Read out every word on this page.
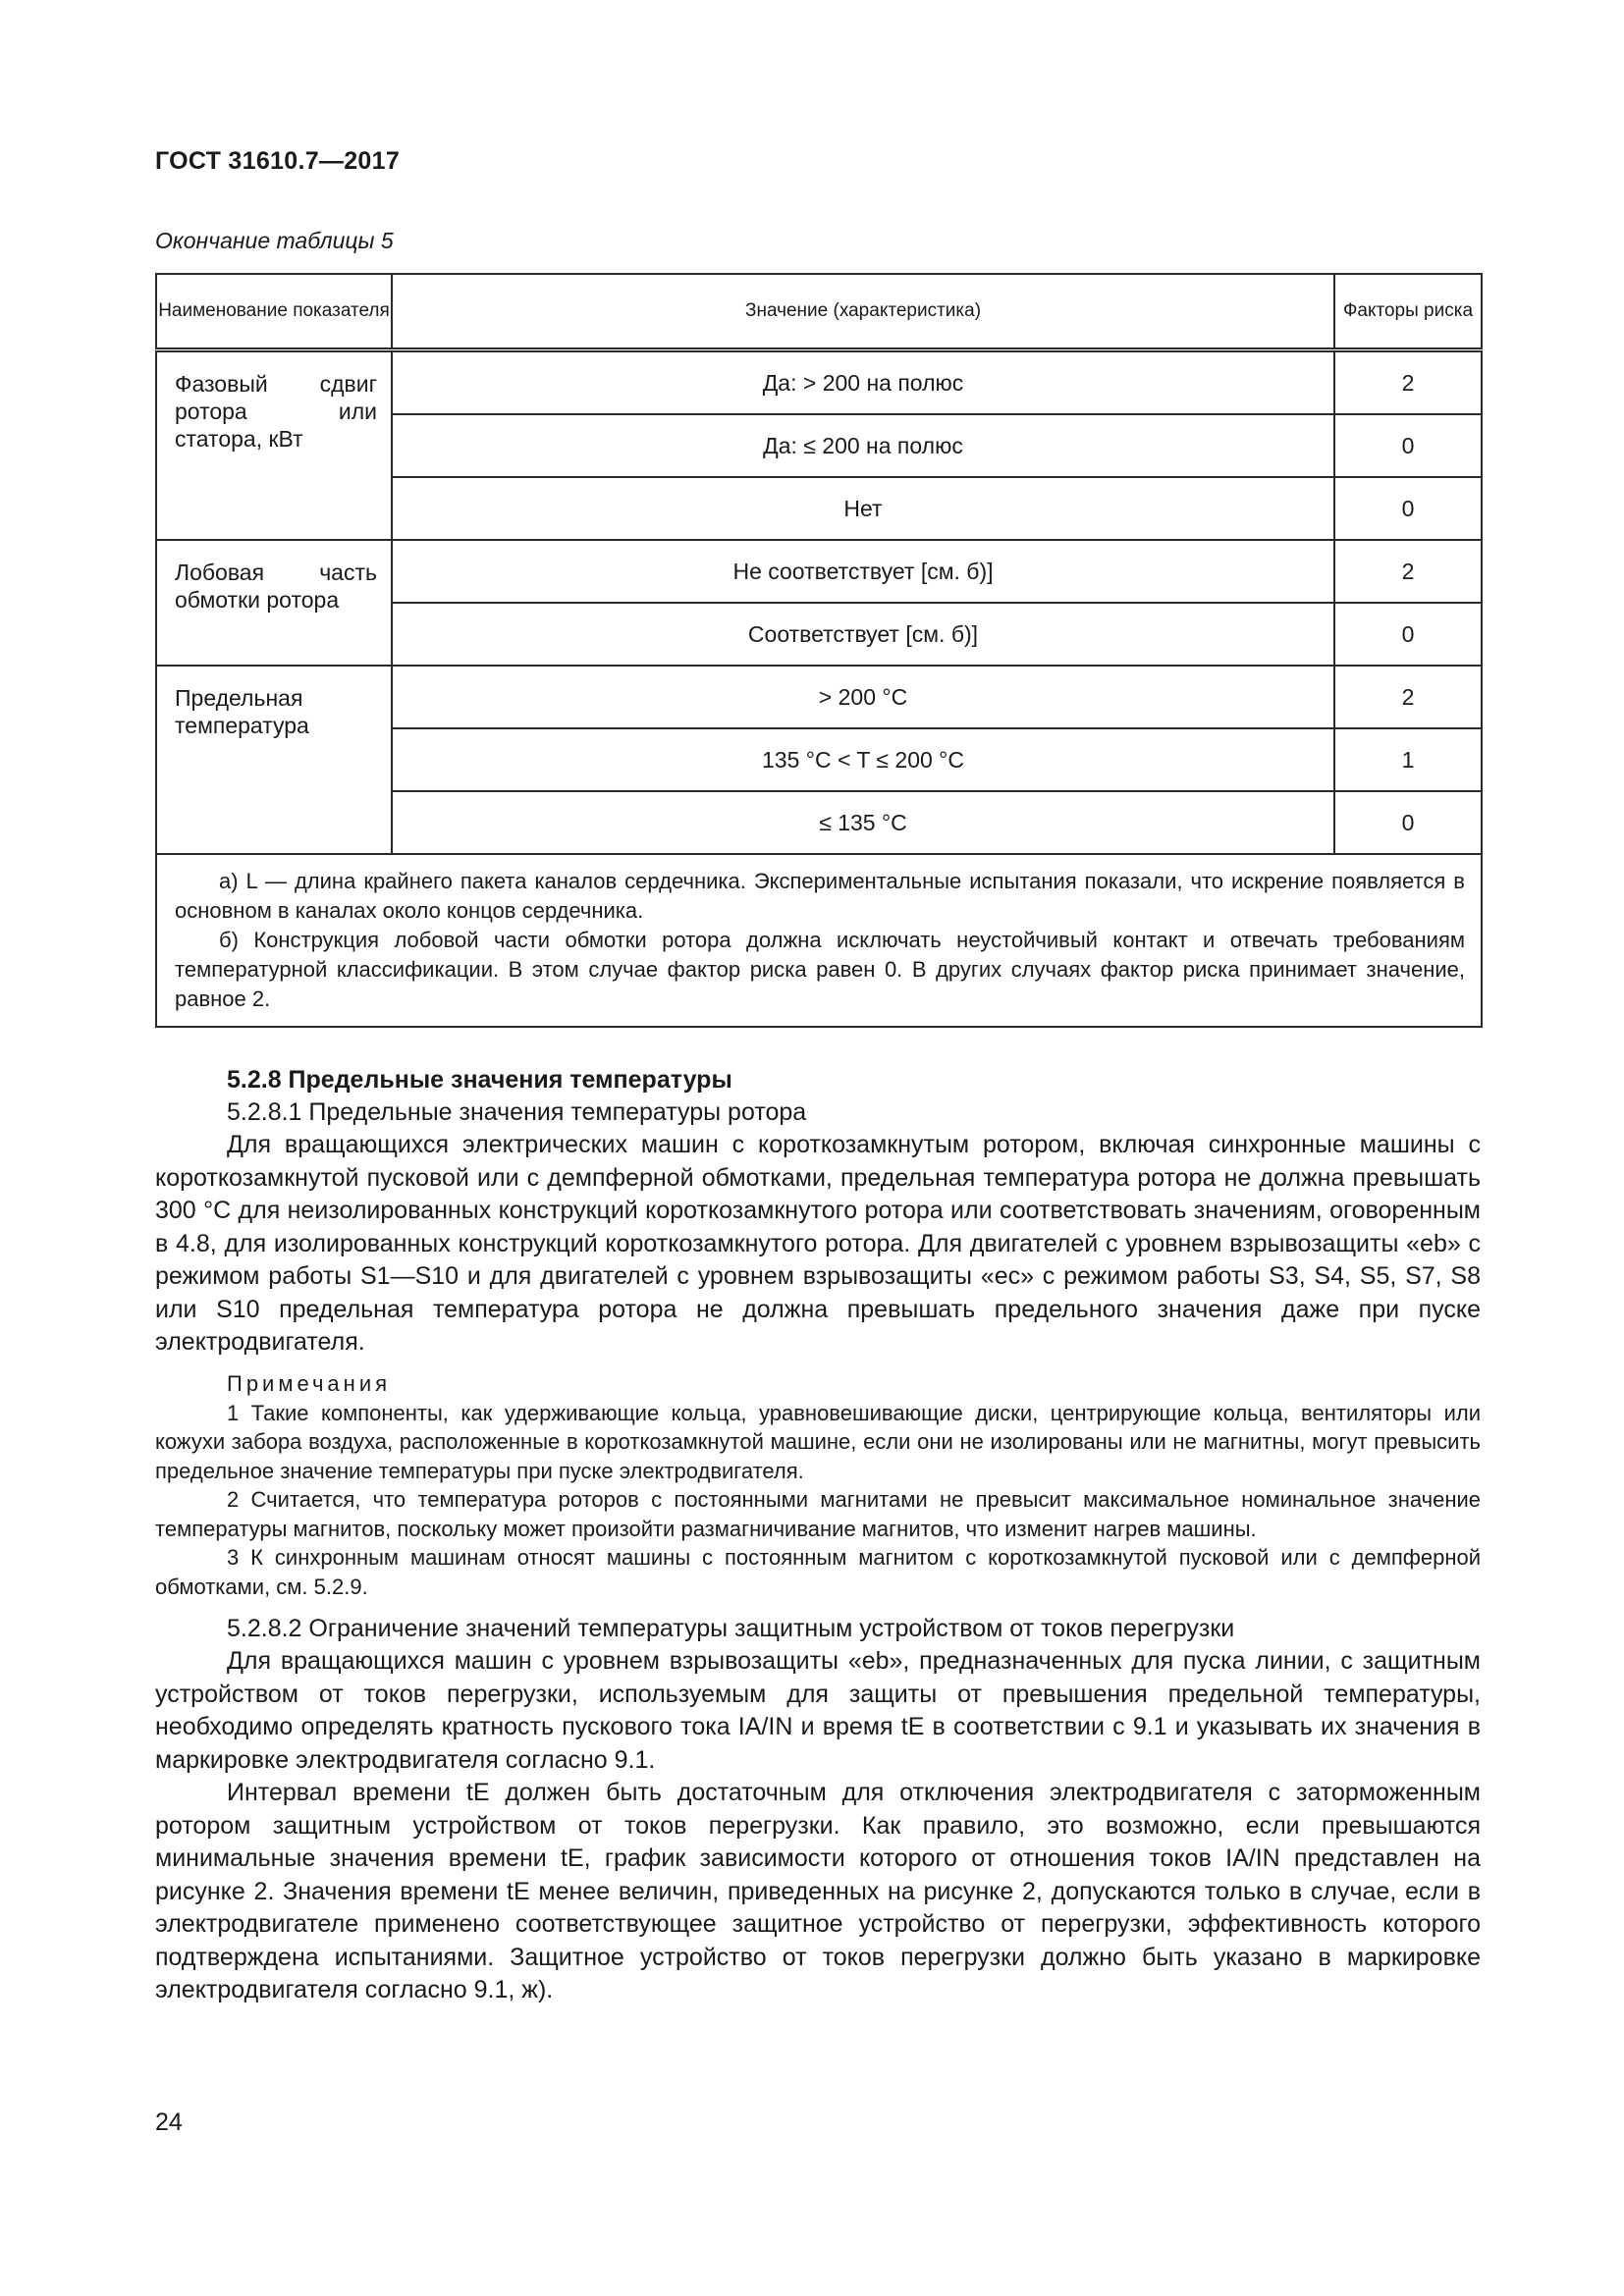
ГОСТ 31610.7—2017
Окончание таблицы 5
Наименование показателя	Значение (характеристика)	Факторы риска
Фазовый сдвиг ротора или статора, кВт	Да: > 200 на полюс	2
	Да: ≤ 200 на полюс	0
	Нет	0
Лобовая часть обмотки ротора	Не соответствует [см. б)]	2
	Соответствует [см. б)]	0
Предельная температура	> 200 °C	2
	135 °C < T ≤ 200 °C	1
	≤ 135 °C	0

а) L — длина крайнего пакета каналов сердечника. Экспериментальные испытания показали, что искрение появляется в основном в каналах около концов сердечника.

б) Конструкция лобовой части обмотки ротора должна исключать неустойчивый контакт и отвечать требованиям температурной классификации. В этом случае фактор риска равен 0. В других случаях фактор риска принимает значение, равное 2.		

5.2.8 Предельные значения температуры
5.2.8.1 Предельные значения температуры ротора

Для вращающихся электрических машин с короткозамкнутым ротором, включая синхронные машины с короткозамкнутой пусковой или с демпферной обмотками, предельная температура ротора не должна превышать 300 °C для неизолированных конструкций короткозамкнутого ротора или соответствовать значениям, оговоренным в 4.8, для изолированных конструкций короткозамкнутого ротора. Для двигателей с уровнем взрывозащиты «eb» с режимом работы S1—S10 и для двигателей с уровнем взрывозащиты «ec» с режимом работы S3, S4, S5, S7, S8 или S10 предельная температура ротора не должна превышать предельного значения даже при пуске электродвигателя.

Примечания

1 Такие компоненты, как удерживающие кольца, уравновешивающие диски, центрирующие кольца, вентиляторы или кожухи забора воздуха, расположенные в короткозамкнутой машине, если они не изолированы или не магнитны, могут превысить предельное значение температуры при пуске электродвигателя.

2 Считается, что температура роторов с постоянными магнитами не превысит максимальное номинальное значение температуры магнитов, поскольку может произойти размагничивание магнитов, что изменит нагрев машины.

3 К синхронным машинам относят машины с постоянным магнитом с короткозамкнутой пусковой или с демпферной обмотками, см. 5.2.9.

5.2.8.2 Ограничение значений температуры защитным устройством от токов перегрузки

Для вращающихся машин с уровнем взрывозащиты «eb», предназначенных для пуска линии, с защитным устройством от токов перегрузки, используемым для защиты от превышения предельной температуры, необходимо определять кратность пускового тока IA/IN и время tE в соответствии с 9.1 и указывать их значения в маркировке электродвигателя согласно 9.1.

Интервал времени tE должен быть достаточным для отключения электродвигателя с заторможенным ротором защитным устройством от токов перегрузки. Как правило, это возможно, если превышаются минимальные значения времени tE, график зависимости которого от отношения токов IA/IN представлен на рисунке 2. Значения времени tE менее величин, приведенных на рисунке 2, допускаются только в случае, если в электродвигателе применено соответствующее защитное устройство от перегрузки, эффективность которого подтверждена испытаниями. Защитное устройство от токов перегрузки должно быть указано в маркировке электродвигателя согласно 9.1, ж).

24
